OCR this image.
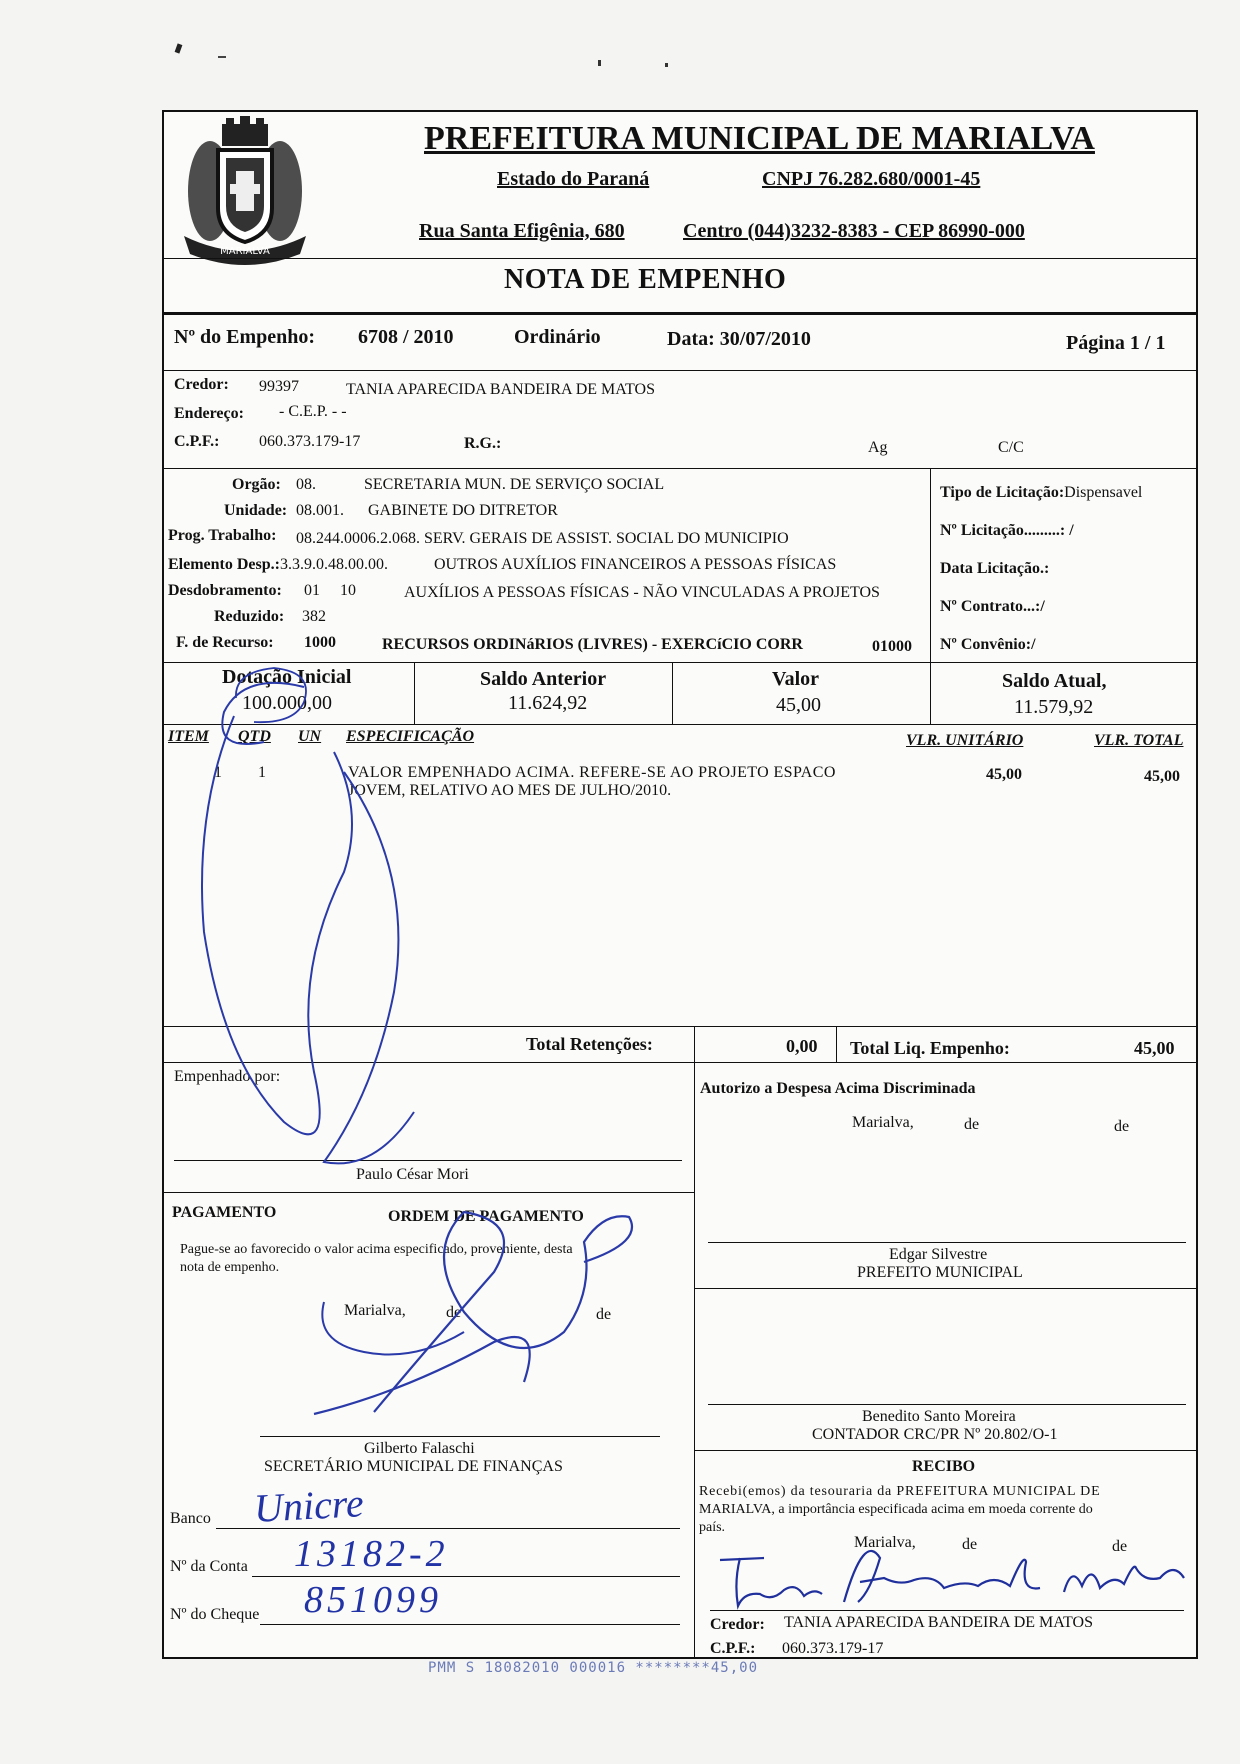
MARIALVA
PREFEITURA MUNICIPAL DE MARIALVA
Estado do Paraná	CNPJ 76.282.680/0001-45
Rua Santa Efigênia, 680	Centro (044)3232-8383 - CEP 86990-000
NOTA DE EMPENHO
Nº do Empenho: 6708 / 2010	Ordinário	Data: 30/07/2010	Página 1 / 1
Credor: 99397	TANIA APARECIDA BANDEIRA DE MATOS
Endereço: - C.E.P. - -
C.P.F.: 060.373.179-17	R.G.:	Ag	C/C
Orgão: 08.	SECRETARIA MUN. DE SERVIÇO SOCIAL
Unidade: 08.001. GABINETE DO DITRETOR
Prog. Trabalho: 08.244.0006.2.068. SERV. GERAIS DE ASSIST. SOCIAL DO MUNICIPIO
Elemento Desp.: 3.3.9.0.48.00.00.	OUTROS AUXÍLIOS FINANCEIROS A PESSOAS FÍSICAS
Desdobramento: 01     10	AUXÍLIOS A PESSOAS FÍSICAS - NÃO VINCULADAS A PROJETOS
Reduzido: 382
F. de Recurso: 1000	RECURSOS ORDINáRIOS (LIVRES) - EXERCíCIO CORR	01000
Tipo de Licitação:Dispensavel
Nº Licitação.........: /
Data Licitação.:
Nº Contrato...:/
Nº Convênio:/
Dotação Inicial
100.000,00
Saldo Anterior
11.624,92
Valor
45,00
Saldo Atual,
11.579,92
ITEM QTD UN ESPECIFICAÇÃO	VLR. UNITÁRIO	VLR. TOTAL
1 1	VALOR EMPENHADO ACIMA. REFERE-SE AO PROJETO ESPACO
JOVEM, RELATIVO AO MES DE JULHO/2010.
45,00	45,00
Total Retenções:	0,00 Total Liq. Empenho:	45,00
Empenhado por:
Paulo César Mori
Autorizo a Despesa Acima Discriminada
Marialva,	de	de
Edgar Silvestre
PREFEITO MUNICIPAL
Benedito Santo Moreira
CONTADOR CRC/PR Nº 20.802/O-1
PAGAMENTO	ORDEM DE PAGAMENTO
Pague-se ao favorecido o valor acima especificado, proveniente, desta
nota de empenho.
Marialva,	de	de
Gilberto Falaschi
SECRETÁRIO MUNICIPAL DE FINANÇAS
Banco Unicre
Nº da Conta 13182-2
Nº do Cheque 851099
RECIBO
Recebi(emos) da tesouraria da PREFEITURA MUNICIPAL DE
MARIALVA, a importância especificada acima em moeda corrente do
país.
Marialva,	de	de
Credor: TANIA APARECIDA BANDEIRA DE MATOS
C.P.F.: 060.373.179-17
PMM S 18082010 000016 ********45,00
